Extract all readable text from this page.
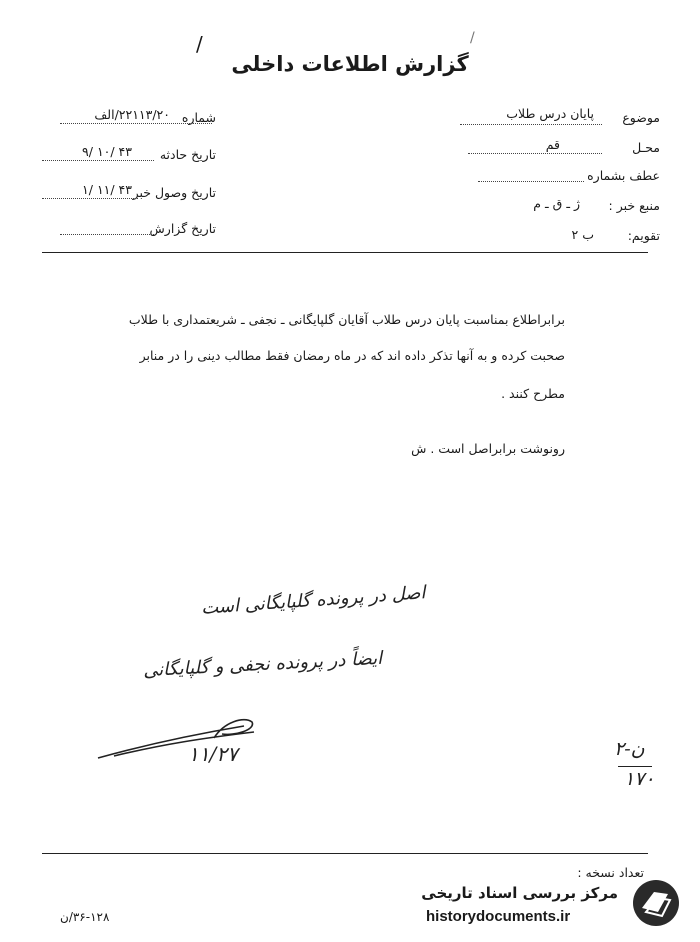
/	/
گزارش اطلاعات داخلی
موضوع
پایان درس طلاب
محـل
قم
عطف بشماره
منبع خبر :
ژ ـ ق ـ م
تقویم:
ب ۲
شماره
۲۲۱۱۳/۲۰/الف
تاریخ حادثه
۹/ ۱۰/ ۴۳
تاریخ وصول خبر
۱/ ۱۱/ ۴۳
تاریخ گزارش
برابراطلاع بمناسبت پایان درس طلاب آقایان گلپایگانی ـ نجفی ـ شریعتمداری با طلاب
صحبت کرده و به آنها تذکر داده اند که در ماه رمضان فقط مطالب دینی را در منابر
مطرح کنند .
رونوشت برابراصل است . ش
اصل در پرونده گلپایگانی است
ایضاً در پرونده نجفی و گلپایگانی
۱۱/۲۷	ن-۲
۱۷۰
تعداد نسخه :
۳۶-۱۲۸/ن
مرکز بررسی اسناد تاریخی
historydocuments.ir
